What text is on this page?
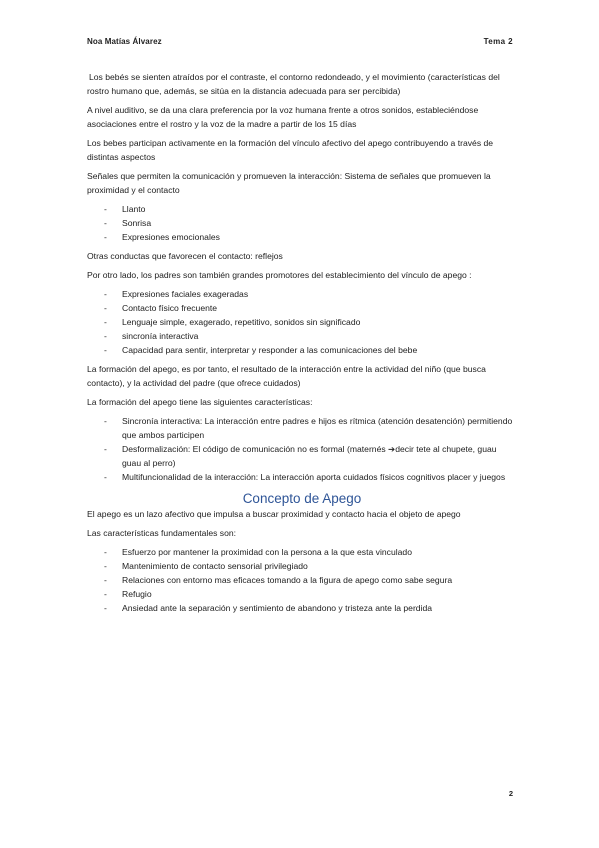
Noa Matías Álvarez	Tema 2

Los bebés se sienten atraídos por el contraste, el contorno redondeado, y el movimiento (características del rostro humano que, además, se sitúa en la distancia adecuada para ser percibida)

A nivel auditivo, se da una clara preferencia por la voz humana frente a otros sonidos, estableciéndose asociaciones entre el rostro y la voz de la madre a partir de los 15 días

Los bebes participan activamente en la formación del vínculo afectivo del apego contribuyendo a través de distintas aspectos

Señales que permiten la comunicación y promueven la interacción: Sistema de señales que promueven la proximidad y el contacto

- Llanto
- Sonrisa
- Expresiones emocionales

Otras conductas que favorecen el contacto: reflejos

Por otro lado, los padres son también grandes promotores del establecimiento del vínculo de apego :

- Expresiones faciales exageradas
- Contacto físico frecuente
- Lenguaje simple, exagerado, repetitivo, sonidos sin significado
- sincronía interactiva
- Capacidad para sentir, interpretar y responder a las comunicaciones del bebe

La formación del apego, es por tanto, el resultado de la interacción entre la actividad del niño (que busca contacto), y la actividad del padre (que ofrece cuidados)

La formación del apego tiene las siguientes características:

- Sincronía interactiva: La interacción entre padres e hijos es rítmica (atención desatención) permitiendo que ambos participen
- Desformalización: El código de comunicación no es formal (maternés ➔decir tete al chupete, guau guau al perro)
- Multifuncionalidad de la interacción: La interacción aporta cuidados físicos cognitivos placer y juegos
Concepto de Apego

El apego es un lazo afectivo que impulsa a buscar proximidad y contacto hacia el objeto de apego

Las características fundamentales son:

- Esfuerzo por mantener la proximidad con la persona a la que esta vinculado
- Mantenimiento de contacto sensorial privilegiado
- Relaciones con entorno mas eficaces tomando a la figura de apego como sabe segura
- Refugio
- Ansiedad ante la separación y sentimiento de abandono y tristeza ante la perdida
2
